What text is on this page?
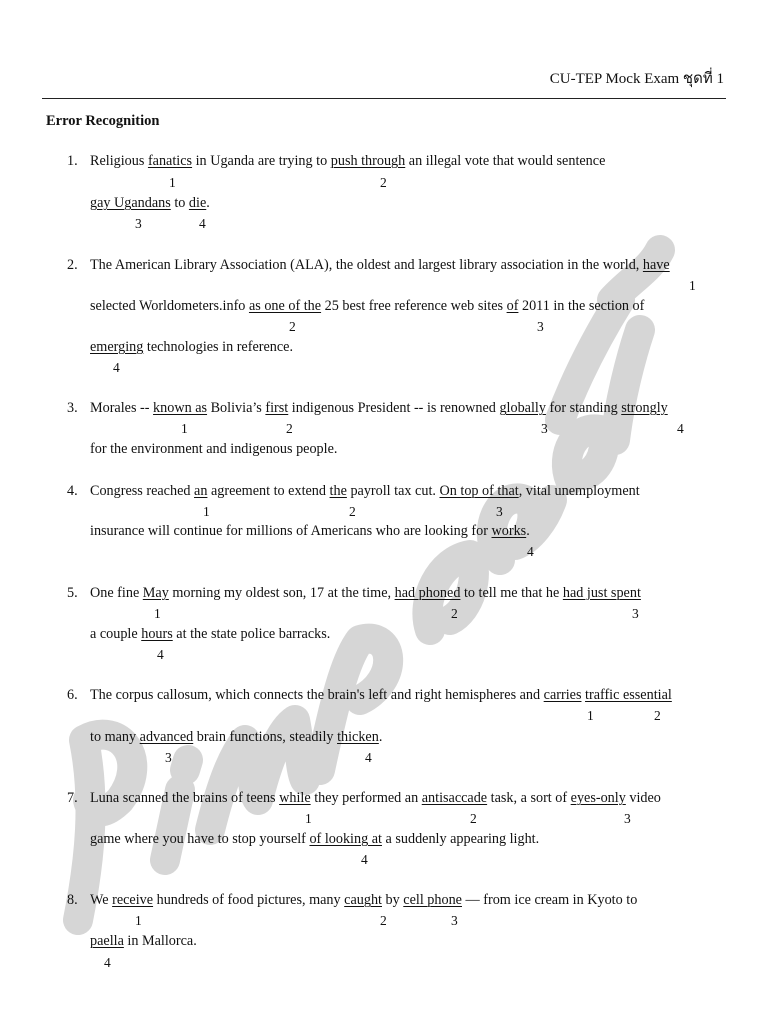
CU-TEP Mock Exam ชุดที่ 1
Error Recognition
1. Religious fanatics in Uganda are trying to push through an illegal vote that would sentence
1	2
gay Ugandans to die.
3	4
2. The American Library Association (ALA), the oldest and largest library association in the world, have
1
selected Worldometers.info as one of the 25 best free reference web sites of 2011 in the section of
2	3
emerging technologies in reference.
4
3. Morales -- known as Bolivia’s first indigenous President -- is renowned globally for standing strongly
1	2	3	4
for the environment and indigenous people.
4. Congress reached an agreement to extend the payroll tax cut. On top of that, vital unemployment
1	2	3
insurance will continue for millions of Americans who are looking for works.
4
5. One fine May morning my oldest son, 17 at the time, had phoned to tell me that he had just spent
1	2	3
a couple hours at the state police barracks.
4
6. The corpus callosum, which connects the brain's left and right hemispheres and carries traffic essential
1	2
to many advanced brain functions, steadily thicken.
3	4
7. Luna scanned the brains of teens while they performed an antisaccade task, a sort of eyes-only video
1	2	3
game where you have to stop yourself of looking at a suddenly appearing light.
4
8. We receive hundreds of food pictures, many caught by cell phone — from ice cream in Kyoto to
1	2	3
paella in Mallorca.
4
